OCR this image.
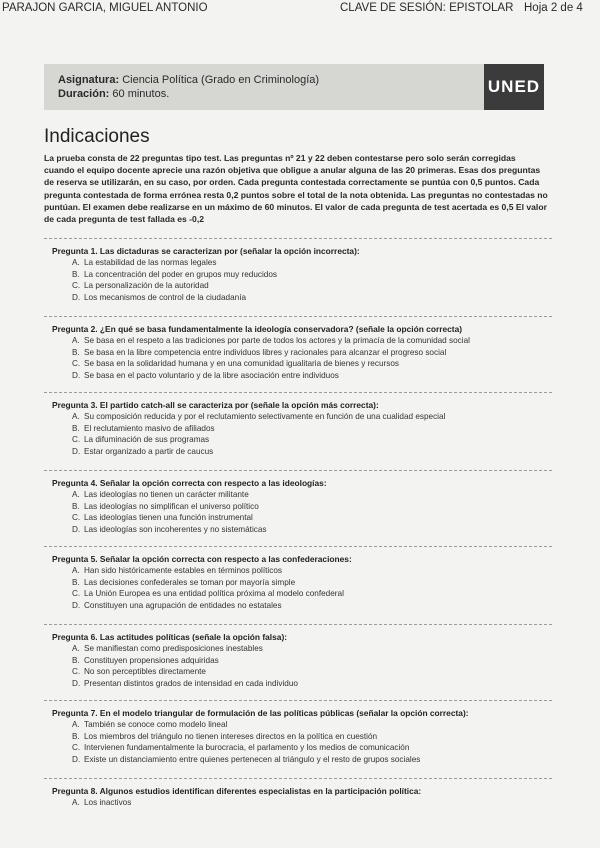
PARAJON GARCIA, MIGUEL ANTONIO	CLAVE DE SESIÓN: EPISTOLAR Hoja 2 de 4
Asignatura: Ciencia Política (Grado en Criminología)
Duración: 60 minutos.	UNED
Indicaciones
La prueba consta de 22 preguntas tipo test. Las preguntas nº 21 y 22 deben contestarse pero solo serán corregidas cuando el equipo docente aprecie una razón objetiva que obligue a anular alguna de las 20 primeras. Esas dos preguntas de reserva se utilizarán, en su caso, por orden. Cada pregunta contestada correctamente se puntúa con 0,5 puntos. Cada pregunta contestada de forma errónea resta 0,2 puntos sobre el total de la nota obtenida. Las preguntas no contestadas no puntúan. El examen debe realizarse en un máximo de 60 minutos. El valor de cada pregunta de test acertada es 0,5 El valor de cada pregunta de test fallada es -0,2
Pregunta 1. Las dictaduras se caracterizan por (señalar la opción incorrecta):
A. La estabilidad de las normas legales
B. La concentración del poder en grupos muy reducidos
C. La personalización de la autoridad
D. Los mecanismos de control de la ciudadanía
Pregunta 2. ¿En qué se basa fundamentalmente la ideología conservadora? (señale la opción correcta)
A. Se basa en el respeto a las tradiciones por parte de todos los actores y la primacía de la comunidad social
B. Se basa en la libre competencia entre individuos libres y racionales para alcanzar el progreso social
C. Se basa en la solidaridad humana y en una comunidad igualitaria de bienes y recursos
D. Se basa en el pacto voluntario y de la libre asociación entre individuos
Pregunta 3. El partido catch-all se caracteriza por (señale la opción más correcta):
A. Su composición reducida y por el reclutamiento selectivamente en función de una cualidad especial
B. El reclutamiento masivo de afiliados
C. La difuminación de sus programas
D. Estar organizado a partir de caucus
Pregunta 4. Señalar la opción correcta con respecto a las ideologías:
A. Las ideologías no tienen un carácter militante
B. Las ideologías no simplifican el universo político
C. Las ideologías tienen una función instrumental
D. Las ideologías son incoherentes y no sistemáticas
Pregunta 5. Señalar la opción correcta con respecto a las confederaciones:
A. Han sido históricamente estables en términos políticos
B. Las decisiones confederales se toman por mayoría simple
C. La Unión Europea es una entidad política próxima al modelo confederal
D. Constituyen una agrupación de entidades no estatales
Pregunta 6. Las actitudes políticas (señale la opción falsa):
A. Se manifiestan como predisposiciones inestables
B. Constituyen propensiones adquiridas
C. No son perceptibles directamente
D. Presentan distintos grados de intensidad en cada individuo
Pregunta 7. En el modelo triangular de formulación de las políticas públicas (señalar la opción correcta):
A. También se conoce como modelo lineal
B. Los miembros del triángulo no tienen intereses directos en la política en cuestión
C. Intervienen fundamentalmente la burocracia, el parlamento y los medios de comunicación
D. Existe un distanciamiento entre quienes pertenecen al triángulo y el resto de grupos sociales
Pregunta 8. Algunos estudios identifican diferentes especialistas en la participación política:
A. Los inactivos
